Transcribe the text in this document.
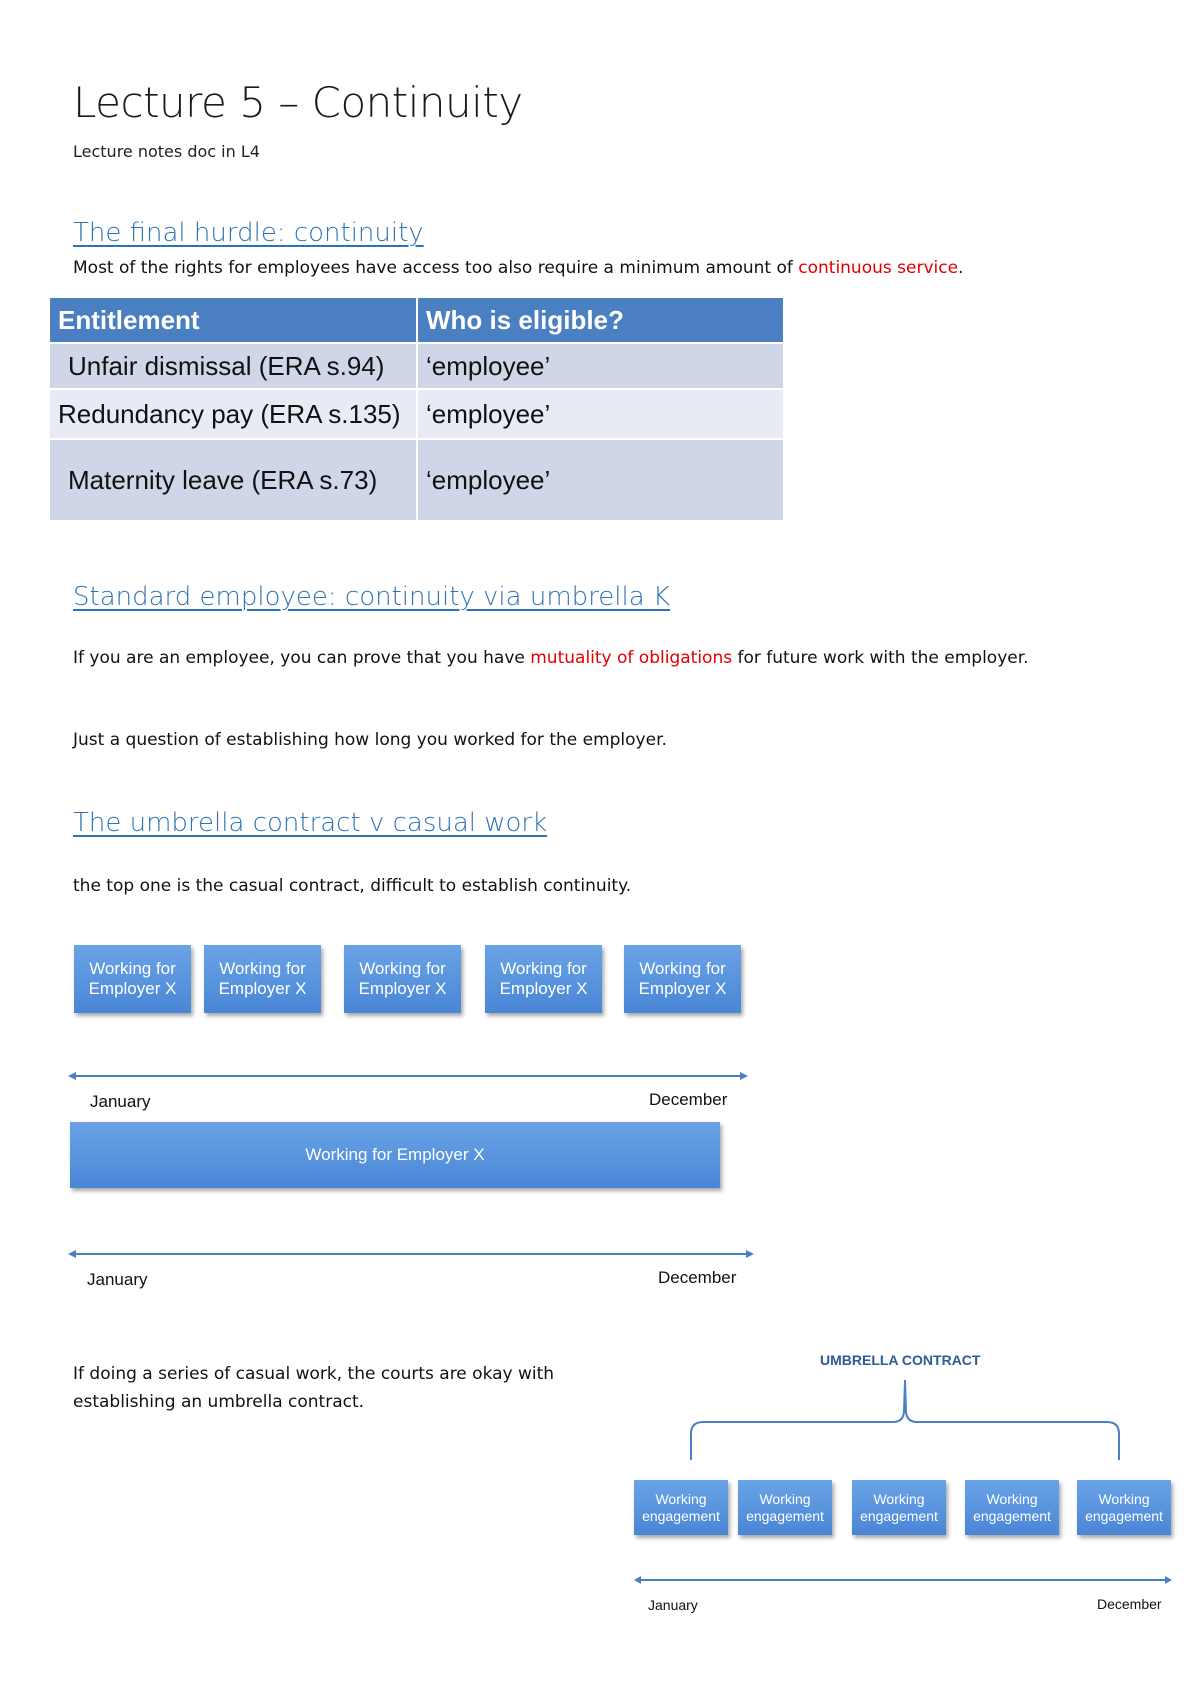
Lecture 5 – Continuity
Lecture notes doc in L4
The final hurdle: continuity
Most of the rights for employees have access too also require a minimum amount of continuous service.
Entitlement	Who is eligible?
Unfair dismissal (ERA s.94)	‘employee’
Redundancy pay (ERA s.135)	‘employee’
Maternity leave (ERA s.73)	‘employee’
Standard employee: continuity via umbrella K
If you are an employee, you can prove that you have mutuality of obligations for future work with the employer.
Just a question of establishing how long you worked for the employer.
The umbrella contract v casual work
the top one is the casual contract, difficult to establish continuity.
Working for Employer X
Working for Employer X
Working for Employer X
Working for Employer X
Working for Employer X
January	December
Working for Employer X
January	December
If doing a series of casual work, the courts are okay with
establishing an umbrella contract.
UMBRELLA CONTRACT
Working engagement
Working engagement
Working engagement
Working engagement
Working engagement
January	December
